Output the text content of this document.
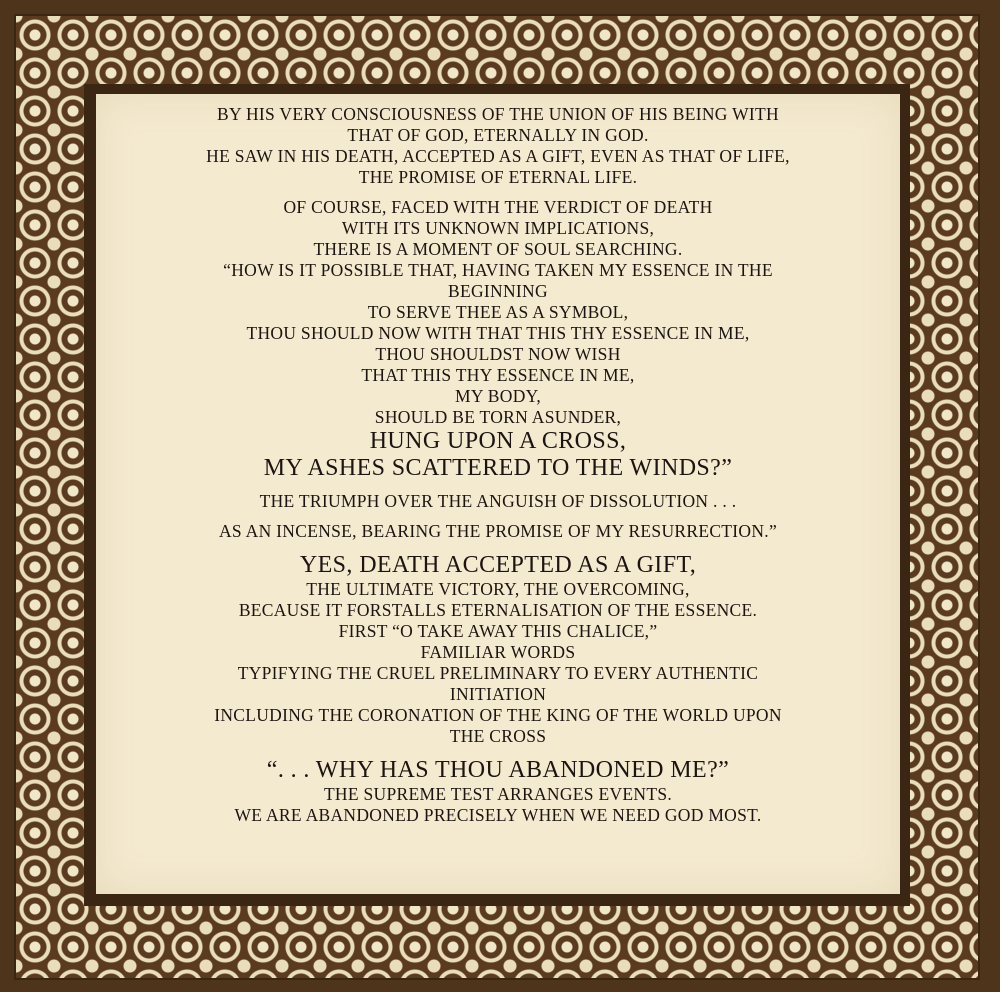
BY HIS VERY CONSCIOUSNESS OF THE UNION OF HIS BEING WITH
THAT OF GOD, ETERNALLY IN GOD.
HE SAW IN HIS DEATH, ACCEPTED AS A GIFT, EVEN AS THAT OF LIFE,
THE PROMISE OF ETERNAL LIFE.
OF COURSE, FACED WITH THE VERDICT OF DEATH
WITH ITS UNKNOWN IMPLICATIONS,
THERE IS A MOMENT OF SOUL SEARCHING.
“HOW IS IT POSSIBLE THAT, HAVING TAKEN MY ESSENCE IN THE
BEGINNING
TO SERVE THEE AS A SYMBOL,
THOU SHOULD NOW WITH THAT THIS THY ESSENCE IN ME,
THOU SHOULDST NOW WISH
THAT THIS THY ESSENCE IN ME,
MY BODY,
SHOULD BE TORN ASUNDER,
HUNG UPON A CROSS,
MY ASHES SCATTERED TO THE WINDS?”
THE TRIUMPH OVER THE ANGUISH OF DISSOLUTION . . .
AS AN INCENSE, BEARING THE PROMISE OF MY RESURRECTION.”
YES, DEATH ACCEPTED AS A GIFT,
THE ULTIMATE VICTORY, THE OVERCOMING,
BECAUSE IT FORSTALLS ETERNALISATION OF THE ESSENCE.
FIRST “O TAKE AWAY THIS CHALICE,”
FAMILIAR WORDS
TYPIFYING THE CRUEL PRELIMINARY TO EVERY AUTHENTIC
INITIATION
INCLUDING THE CORONATION OF THE KING OF THE WORLD UPON
THE CROSS
“. . . WHY HAS THOU ABANDONED ME?”
THE SUPREME TEST ARRANGES EVENTS.
WE ARE ABANDONED PRECISELY WHEN WE NEED GOD MOST.
